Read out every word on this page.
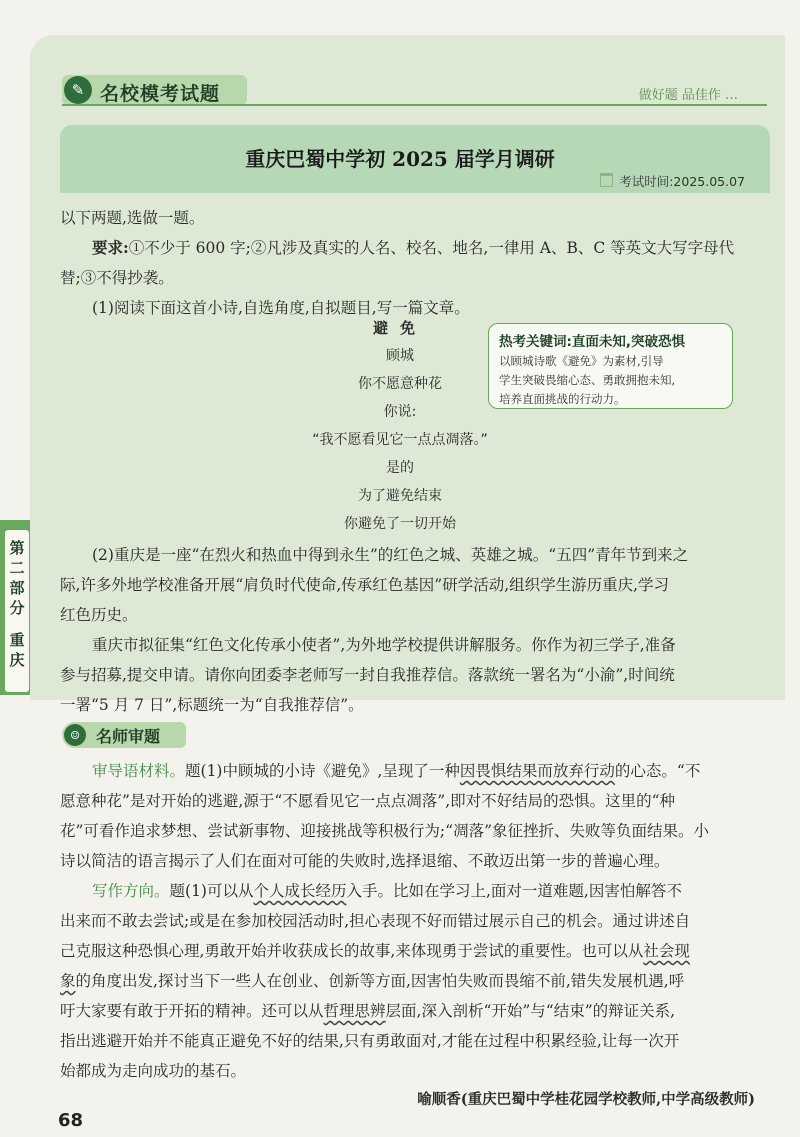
✎ 名校模考试题	做好题 品佳作 …
重庆巴蜀中学初 2025 届学月调研
考试时间:2025.05.07

以下两题,选做一题。

要求:①不少于 600 字;②凡涉及真实的人名、校名、地名,一律用 A、B、C 等英文大写字母代

替;③不得抄袭。

(1)阅读下面这首小诗,自选角度,自拟题目,写一篇文章。

避免

顾城

你不愿意种花

你说:

“我不愿看见它一点点凋落。”

是的

为了避免结束

你避免了一切开始

热考关键词:直面未知,突破恐惧

以顾城诗歌《避免》为素材,引导

学生突破畏缩心态、勇敢拥抱未知,

培养直面挑战的行动力。

(2)重庆是一座“在烈火和热血中得到永生”的红色之城、英雄之城。“五四”青年节到来之

际,许多外地学校准备开展“肩负时代使命,传承红色基因”研学活动,组织学生游历重庆,学习

红色历史。

重庆市拟征集“红色文化传承小使者”,为外地学校提供讲解服务。你作为初三学子,准备

参与招募,提交申请。请你向团委李老师写一封自我推荐信。落款统一署名为“小渝”,时间统

一署“5 月 7 日”,标题统一为“自我推荐信”。

第二部分
重庆
☺	名师审题

审导语材料。题(1)中顾城的小诗《避免》,呈现了一种因畏惧结果而放弃行动的心态。“不

愿意种花”是对开始的逃避,源于“不愿看见它一点点凋落”,即对不好结局的恐惧。这里的“种

花”可看作追求梦想、尝试新事物、迎接挑战等积极行为;“凋落”象征挫折、失败等负面结果。小

诗以简洁的语言揭示了人们在面对可能的失败时,选择退缩、不敢迈出第一步的普遍心理。

写作方向。题(1)可以从个人成长经历入手。比如在学习上,面对一道难题,因害怕解答不

出来而不敢去尝试;或是在参加校园活动时,担心表现不好而错过展示自己的机会。通过讲述自

己克服这种恐惧心理,勇敢开始并收获成长的故事,来体现勇于尝试的重要性。也可以从社会现

象的角度出发,探讨当下一些人在创业、创新等方面,因害怕失败而畏缩不前,错失发展机遇,呼

吁大家要有敢于开拓的精神。还可以从哲理思辨层面,深入剖析“开始”与“结束”的辩证关系,

指出逃避开始并不能真正避免不好的结果,只有勇敢面对,才能在过程中积累经验,让每一次开

始都成为走向成功的基石。

喻顺香(重庆巴蜀中学桂花园学校教师,中学高级教师)
68
